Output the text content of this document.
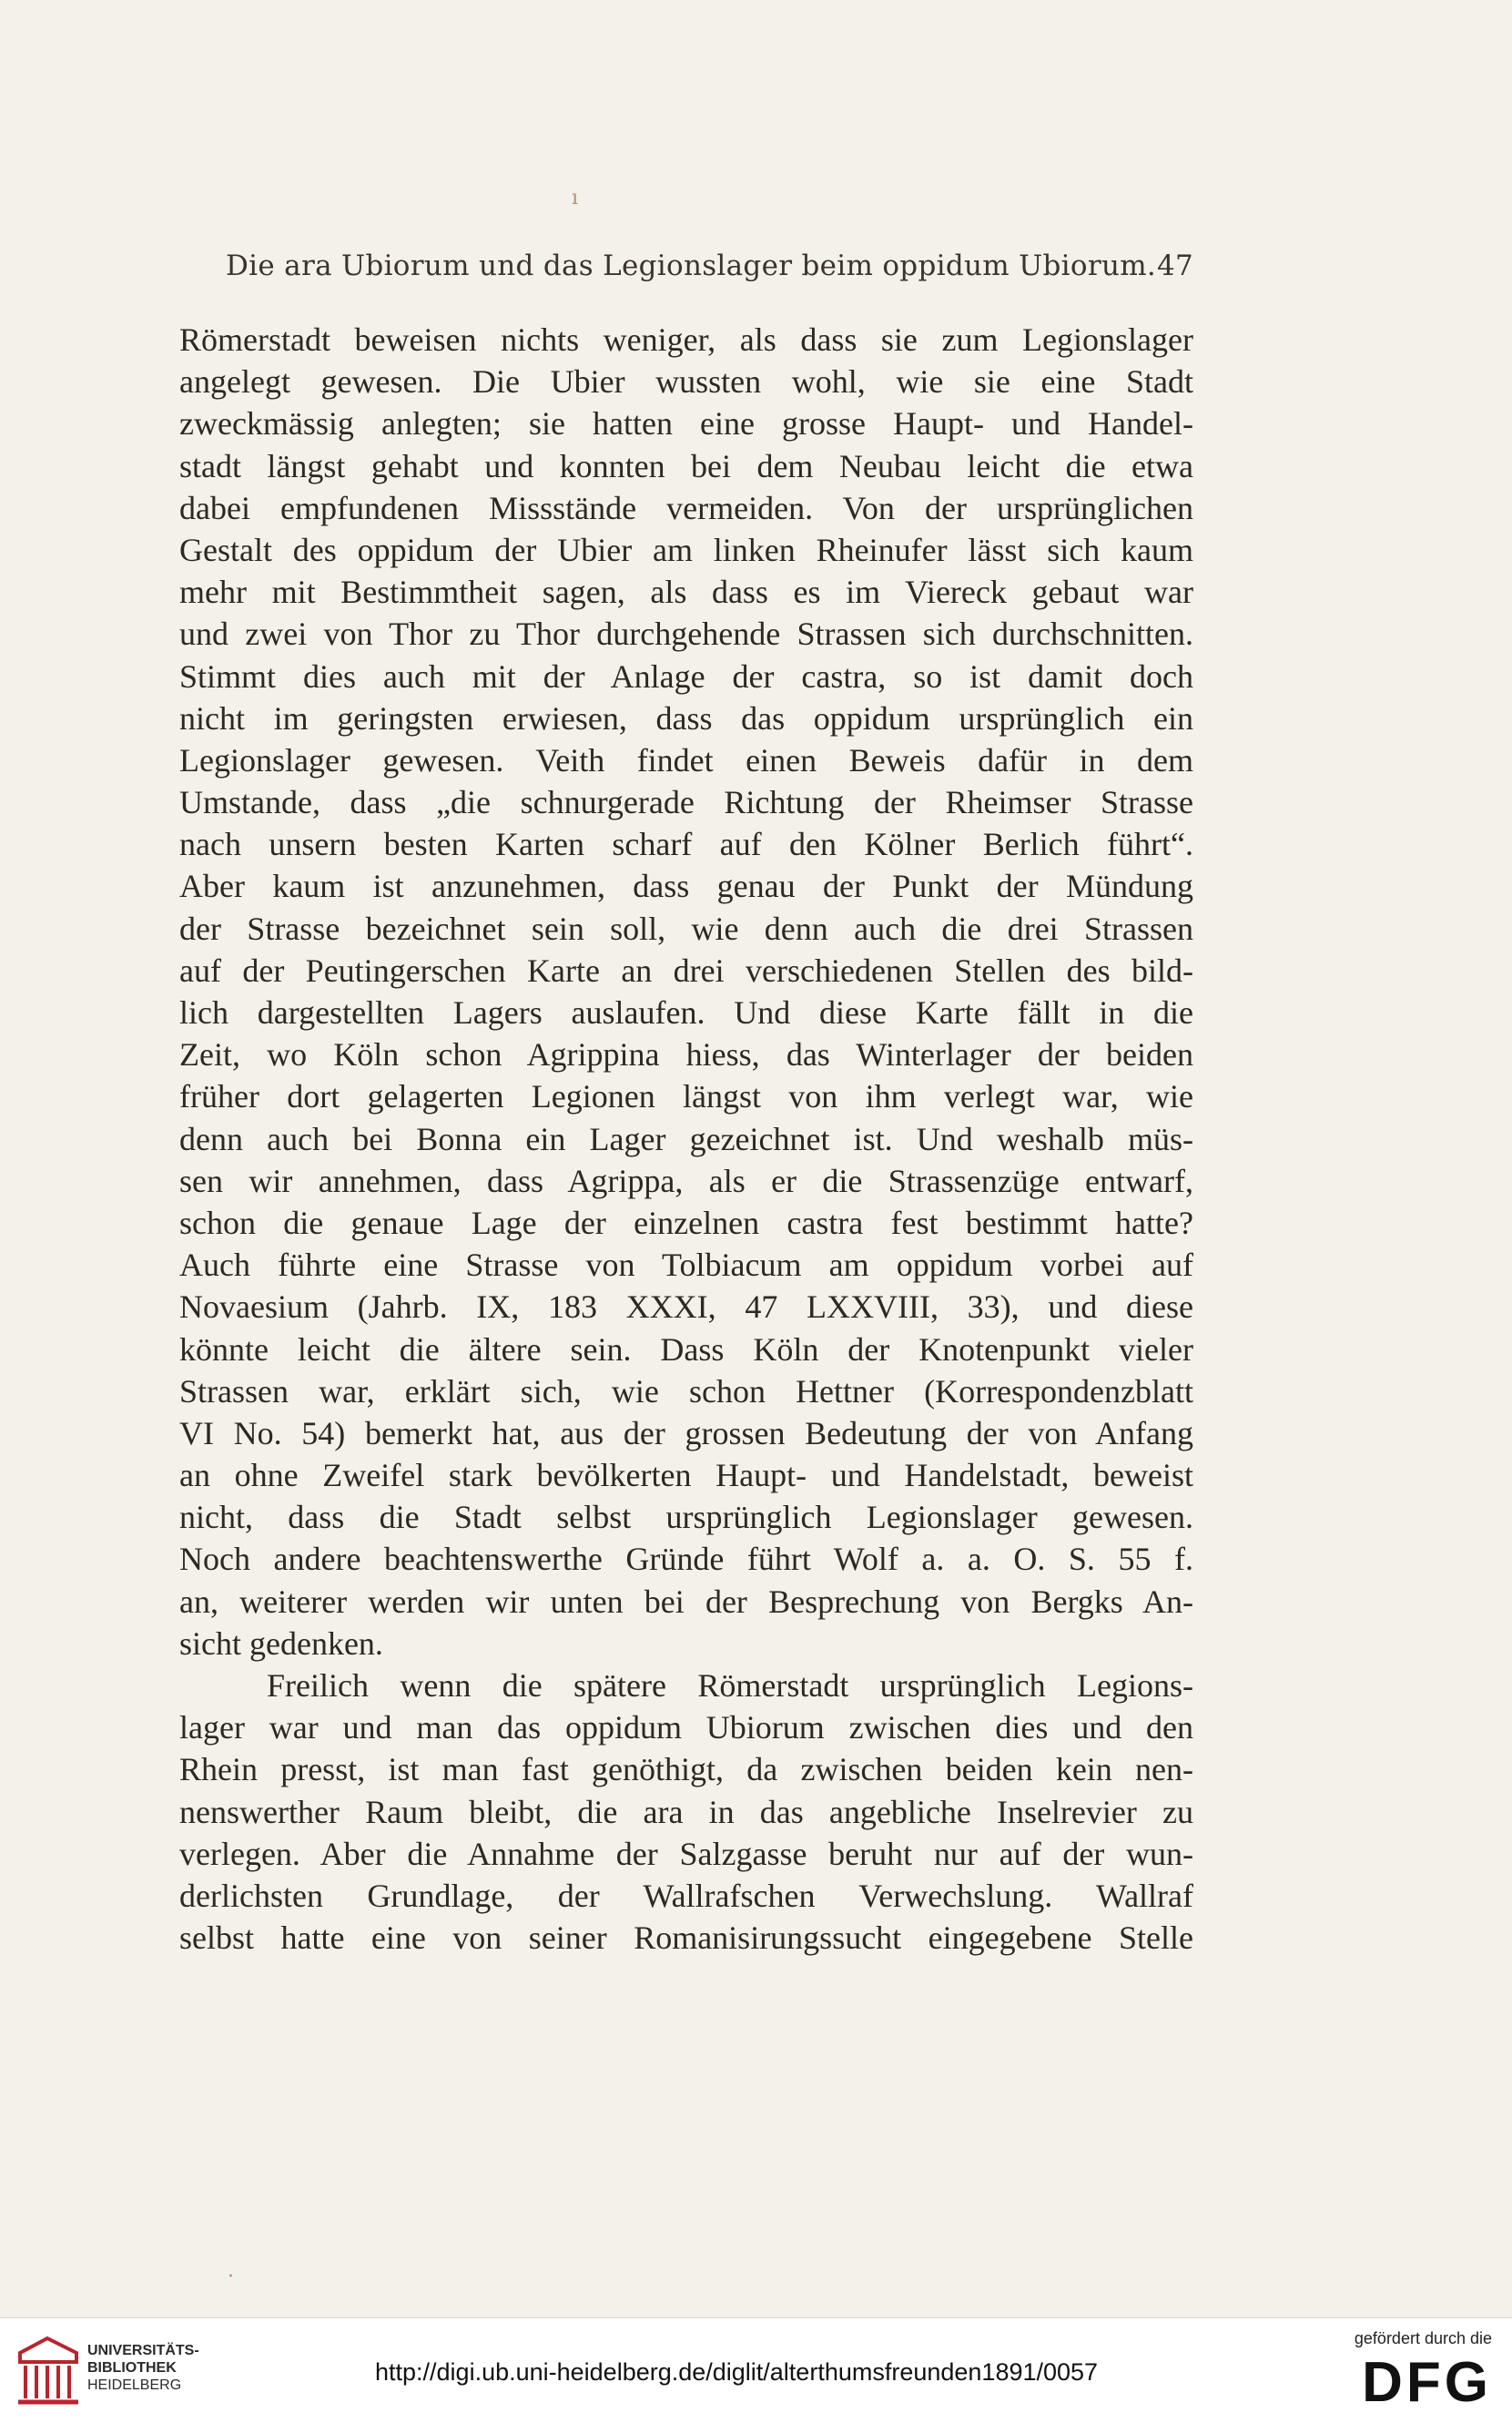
ı
Die ara Ubiorum und das Legionslager beim oppidum Ubiorum. 47
Römerstadt beweisen nichts weniger, als dass sie zum Legionslager
angelegt gewesen. Die Ubier wussten wohl, wie sie eine Stadt
zweckmässig anlegten; sie hatten eine grosse Haupt- und Handel-
stadt längst gehabt und konnten bei dem Neubau leicht die etwa
dabei empfundenen Missstände vermeiden. Von der ursprünglichen
Gestalt des oppidum der Ubier am linken Rheinufer lässt sich kaum
mehr mit Bestimmtheit sagen, als dass es im Viereck gebaut war
und zwei von Thor zu Thor durchgehende Strassen sich durchschnitten.
Stimmt dies auch mit der Anlage der castra, so ist damit doch
nicht im geringsten erwiesen, dass das oppidum ursprünglich ein
Legionslager gewesen. Veith findet einen Beweis dafür in dem
Umstande, dass „die schnurgerade Richtung der Rheimser Strasse
nach unsern besten Karten scharf auf den Kölner Berlich führt“.
Aber kaum ist anzunehmen, dass genau der Punkt der Mündung
der Strasse bezeichnet sein soll, wie denn auch die drei Strassen
auf der Peutingerschen Karte an drei verschiedenen Stellen des bild-
lich dargestellten Lagers auslaufen. Und diese Karte fällt in die
Zeit, wo Köln schon Agrippina hiess, das Winterlager der beiden
früher dort gelagerten Legionen längst von ihm verlegt war, wie
denn auch bei Bonna ein Lager gezeichnet ist. Und weshalb müs-
sen wir annehmen, dass Agrippa, als er die Strassenzüge entwarf,
schon die genaue Lage der einzelnen castra fest bestimmt hatte?
Auch führte eine Strasse von Tolbiacum am oppidum vorbei auf
Novaesium (Jahrb. IX, 183 XXXI, 47 LXXVIII, 33), und diese
könnte leicht die ältere sein. Dass Köln der Knotenpunkt vieler
Strassen war, erklärt sich, wie schon Hettner (Korrespondenzblatt
VI No. 54) bemerkt hat, aus der grossen Bedeutung der von Anfang
an ohne Zweifel stark bevölkerten Haupt- und Handelstadt, beweist
nicht, dass die Stadt selbst ursprünglich Legionslager gewesen.
Noch andere beachtenswerthe Gründe führt Wolf a. a. O. S. 55 f.
an, weiterer werden wir unten bei der Besprechung von Bergks An-
sicht gedenken.
Freilich wenn die spätere Römerstadt ursprünglich Legions-
lager war und man das oppidum Ubiorum zwischen dies und den
Rhein presst, ist man fast genöthigt, da zwischen beiden kein nen-
nenswerther Raum bleibt, die ara in das angebliche Inselrevier zu
verlegen. Aber die Annahme der Salzgasse beruht nur auf der wun-
derlichsten Grundlage, der Wallrafschen Verwechslung. Wallraf
selbst hatte eine von seiner Romanisirungssucht eingegebene Stelle
·
UNIVERSITÄTS-
BIBLIOTHEK
HEIDELBERG	http://digi.ub.uni-heidelberg.de/diglit/alterthumsfreunden1891/0057
gefördert durch die
DFG
